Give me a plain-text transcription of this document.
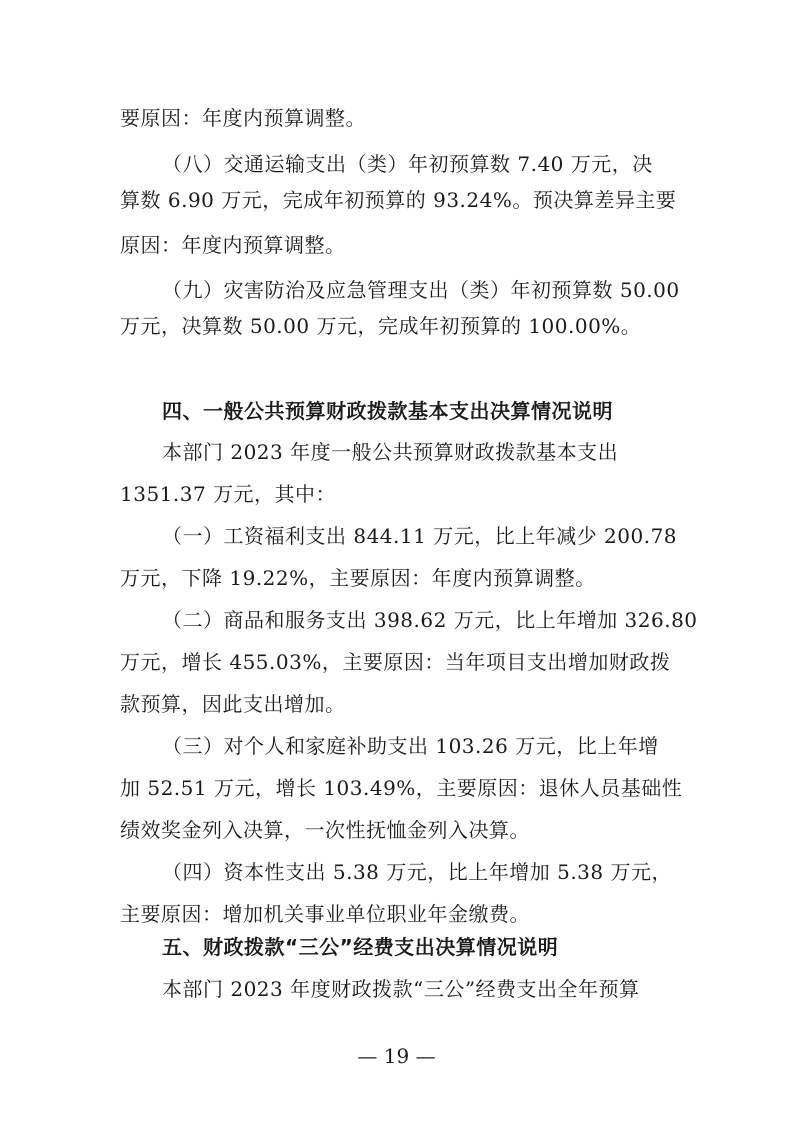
要原因：年度内预算调整。
（八）交通运输支出（类）年初预算数 7.40 万元，决
算数 6.90 万元，完成年初预算的 93.24%。预决算差异主要
原因：年度内预算调整。
（九）灾害防治及应急管理支出（类）年初预算数 50.00
万元，决算数 50.00 万元，完成年初预算的 100.00%。
四、一般公共预算财政拨款基本支出决算情况说明
本部门 2023 年度一般公共预算财政拨款基本支出
1351.37 万元，其中：
（一）工资福利支出 844.11 万元，比上年减少 200.78
万元，下降 19.22%，主要原因：年度内预算调整。
（二）商品和服务支出 398.62 万元，比上年增加 326.80
万元，增长 455.03%，主要原因：当年项目支出增加财政拨
款预算，因此支出增加。
（三）对个人和家庭补助支出 103.26 万元，比上年增
加 52.51 万元，增长 103.49%，主要原因：退休人员基础性
绩效奖金列入决算，一次性抚恤金列入决算。
（四）资本性支出 5.38 万元，比上年增加 5.38 万元，
主要原因：增加机关事业单位职业年金缴费。
五、财政拨款“三公”经费支出决算情况说明
本部门 2023 年度财政拨款“三公”经费支出全年预算
— 19 —
